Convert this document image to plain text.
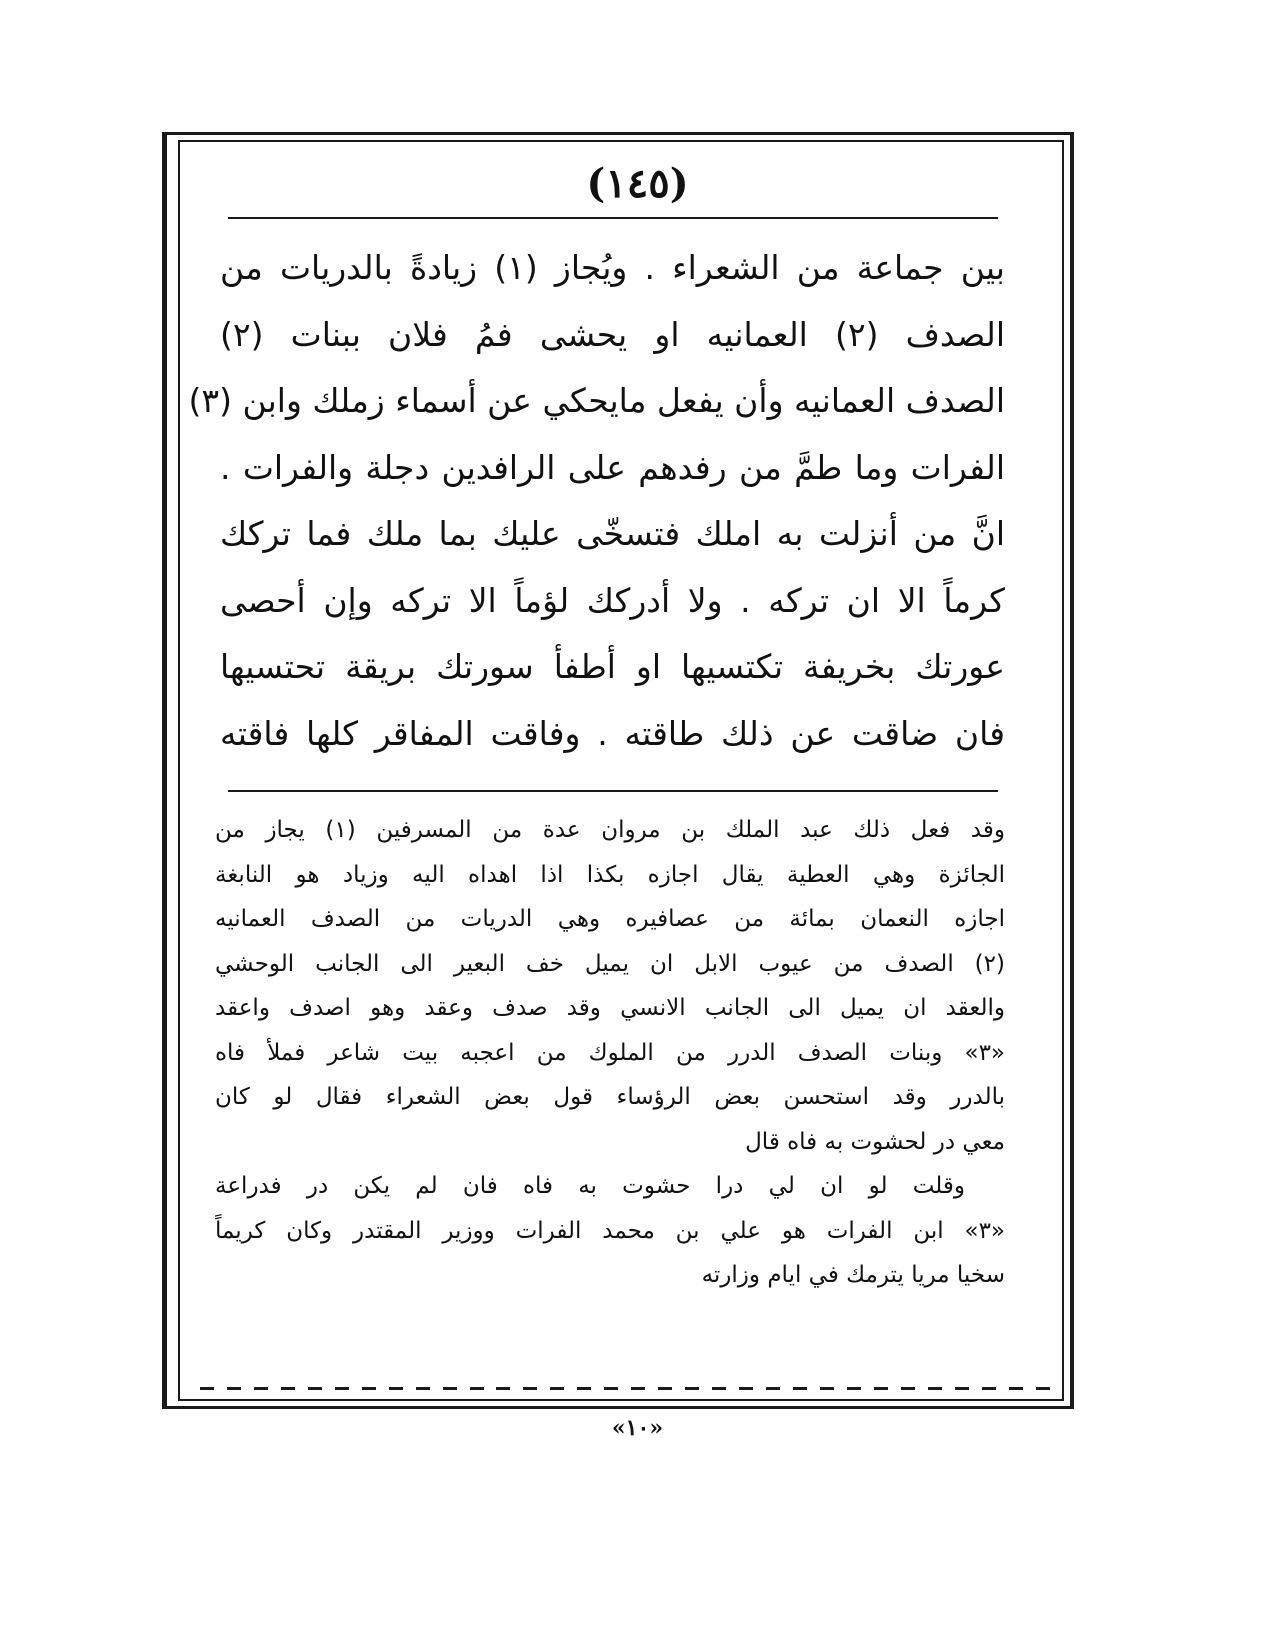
(١٤٥)
بين جماعة من الشعراء . ويُجاز (١) زيادةً بالدريات من
الصدف (٢) العمانيه او يحشى فمُ فلان ببنات (٢)
الصدف العمانيه وأن يفعل مايحكي عن أسماء زملك وابن (٣)
الفرات وما طمَّ من رفدهم على الرافدين دجلة والفرات .
انَّ من أنزلت به املك فتسخّى عليك بما ملك فما تركك
كرماً الا ان تركه . ولا أدركك لؤماً الا تركه وإن أحصى
عورتك بخريفة تكتسيها او أطفأ سورتك بريقة تحتسيها
فان ضاقت عن ذلك طاقته . وفاقت المفاقر كلها فاقته
وقد فعل ذلك عبد الملك بن مروان عدة من المسرفين (١) يجاز من
الجائزة وهي العطية يقال اجازه بكذا اذا اهداه اليه وزياد هو النابغة
اجازه النعمان بمائة من عصافيره وهي الدريات من الصدف العمانيه
(٢) الصدف من عيوب الابل ان يميل خف البعير الى الجانب الوحشي
والعقد ان يميل الى الجانب الانسي وقد صدف وعقد وهو اصدف واعقد
«٣» وبنات الصدف الدرر من الملوك من اعجبه بيت شاعر فملأ فاه
بالدرر وقد استحسن بعض الرؤساء قول بعض الشعراء فقال لو كان
معي در لحشوت به فاه قال
وقلت لو ان لي درا حشوت به فاه فان لم يكن در فدراعة
«٣» ابن الفرات هو علي بن محمد الفرات ووزير المقتدر وكان كريماً
سخيا مريا يترمك في ايام وزارته
«١٠»
